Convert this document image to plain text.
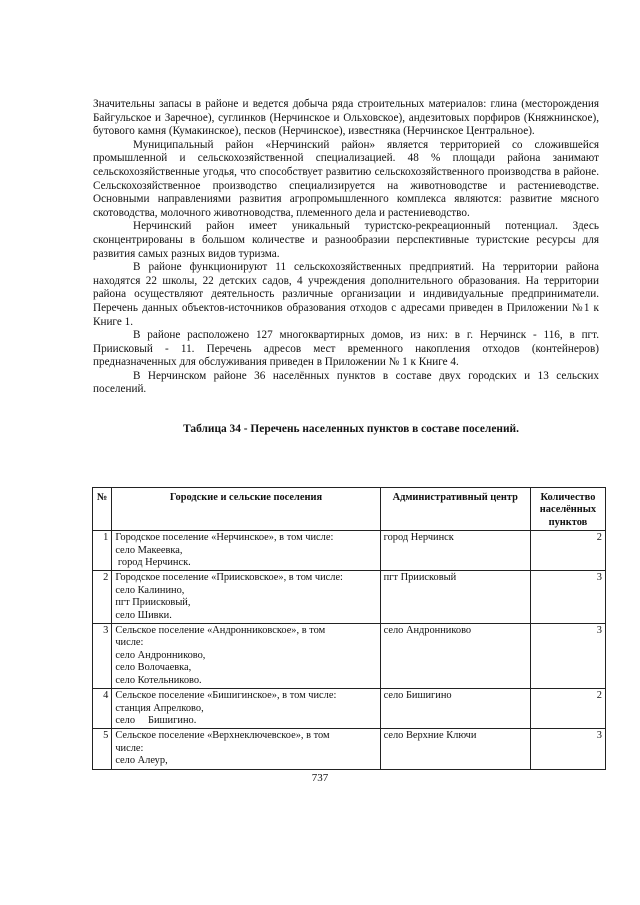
Значительны запасы в районе и ведется добыча ряда строительных материалов: глина (месторождения Байгульское и Заречное), суглинков (Нерчинское и Ольховское), андезитовых порфиров (Княжнинское), бутового камня (Кумакинское), песков (Нерчинское), известняка (Нерчинское Центральное).

Муниципальный район «Нерчинский район» является территорией со сложившейся промышленной и сельскохозяйственной специализацией. 48 % площади района занимают сельскохозяйственные угодья, что способствует развитию сельскохозяйственного производства в районе. Сельскохозяйственное производство специализируется на животноводстве и растениеводстве. Основными направлениями развития агропромышленного комплекса являются: развитие мясного скотоводства, молочного животноводства, племенного дела и растениеводство.

Нерчинский район имеет уникальный туристско-рекреационный потенциал. Здесь сконцентрированы в большом количестве и разнообразии перспективные туристские ресурсы для развития самых разных видов туризма.

В районе функционируют 11 сельскохозяйственных предприятий. На территории района находятся 22 школы, 22 детских садов, 4 учреждения дополнительного образования. На территории района осуществляют деятельность различные организации и индивидуальные предприниматели. Перечень данных объектов-источников образования отходов с адресами приведен в Приложении №1 к Книге 1.

В районе расположено 127 многоквартирных домов, из них: в г. Нерчинск - 116, в пгт. Приисковый - 11. Перечень адресов мест временного накопления отходов (контейнеров) предназначенных для обслуживания приведен в Приложении № 1 к Книге 4.

В Нерчинском районе 36 населённых пунктов в составе двух городских и 13 сельских поселений.

Таблица 34 - Перечень населенных пунктов в составе поселений.

№	Городские и сельские поселения	Административный центр	Количество населённых пунктов
1	Городское поселение «Нерчинское», в том числе:
село Макеевка,
город Нерчинск.	город Нерчинск	2
2	Городское поселение «Приисковское», в том числе:
село Калинино,
пгт Приисковый,
село Шивки.	пгт Приисковый	3
3	Сельское поселение «Андронниковское», в том
числе:
село Андронниково,
село Волочаевка,
село Котельниково.	село Андронниково	3
4	Сельское поселение «Бишигинское», в том числе:
станция Апрелково,
село     Бишигино.	село Бишигино	2
5	Сельское поселение «Верхнеключевское», в том
числе:
село Алеур,	село Верхние Ключи	3
737
